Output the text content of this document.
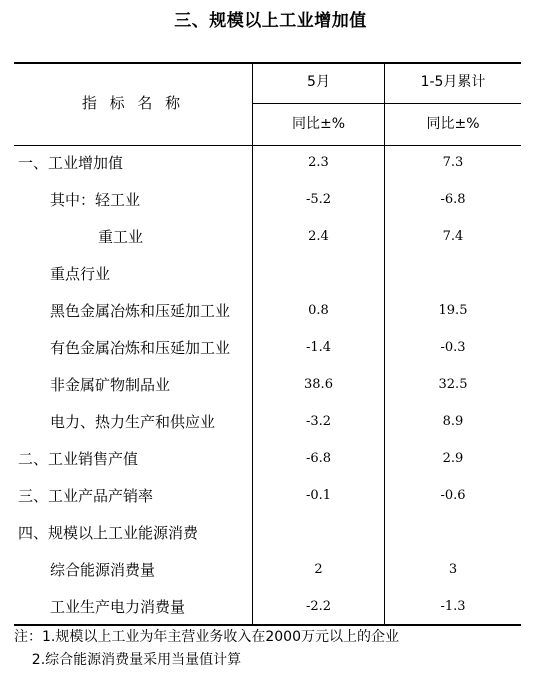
三、规模以上工业增加值
指 标 名 称
5月	1-5月累计
同比±%	同比±%
一、工业增加值	2.3	7.3
其中：轻工业	-5.2	-6.8
重工业	2.4	7.4
重点行业
黑色金属冶炼和压延加工业	0.8	19.5
有色金属冶炼和压延加工业	-1.4	-0.3
非金属矿物制品业	38.6	32.5
电力、热力生产和供应业	-3.2	8.9
二、工业销售产值	-6.8	2.9
三、工业产品产销率	-0.1	-0.6
四、规模以上工业能源消费
综合能源消费量	2	3
工业生产电力消费量	-2.2	-1.3
注：1.规模以上工业为年主营业务收入在2000万元以上的企业
2.综合能源消费量采用当量值计算
